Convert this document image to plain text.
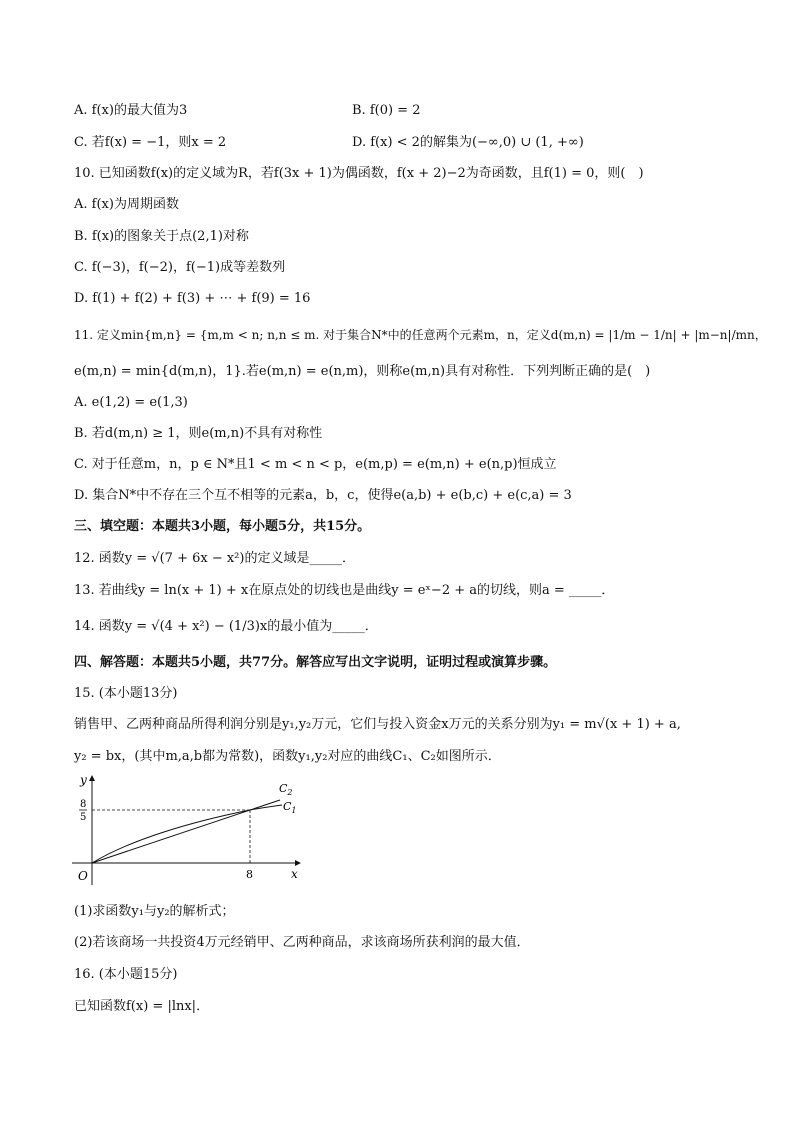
A. f(x)的最大值为3	B. f(0) = 2
C. 若f(x) = −1，则x = 2	D. f(x) < 2的解集为(−∞,0) ∪ (1, +∞)
10. 已知函数f(x)的定义域为R，若f(3x + 1)为偶函数，f(x + 2)−2为奇函数，且f(1) = 0，则(　)
A. f(x)为周期函数
B. f(x)的图象关于点(2,1)对称
C. f(−3)，f(−2)，f(−1)成等差数列
D. f(1) + f(2) + f(3) + ⋯ + f(9) = 16
11. 定义min{m,n} = {m,m < n; n,n ≤ m. 对于集合N*中的任意两个元素m，n，定义d(m,n) = |1/m − 1/n| + |m−n|/mn，
e(m,n) = min{d(m,n)，1}.若e(m,n) = e(n,m)，则称e(m,n)具有对称性．下列判断正确的是(　)
A. e(1,2) = e(1,3)
B. 若d(m,n) ≥ 1，则e(m,n)不具有对称性
C. 对于任意m，n，p ∈ N*且1 < m < n < p，e(m,p) = e(m,n) + e(n,p)恒成立
D. 集合N*中不存在三个互不相等的元素a，b，c，使得e(a,b) + e(b,c) + e(c,a) = 3
三、填空题：本题共3小题，每小题5分，共15分。
12. 函数y = √(7 + 6x − x²)的定义域是_____．
13. 若曲线y = ln(x + 1) + x在原点处的切线也是曲线y = eˣ−2 + a的切线，则a = _____．
14. 函数y = √(4 + x²) − (1/3)x的最小值为_____．
四、解答题：本题共5小题，共77分。解答应写出文字说明，证明过程或演算步骤。
15. (本小题13分)
销售甲、乙两种商品所得利润分别是y₁,y₂万元，它们与投入资金x万元的关系分别为y₁ = m√(x + 1) + a,
y₂ = bx，(其中m,a,b都为常数)，函数y₁,y₂对应的曲线C₁、C₂如图所示．
y
x
O
8
5
8
$C_2$
$C_1$
(1)求函数y₁与y₂的解析式；
(2)若该商场一共投资4万元经销甲、乙两种商品，求该商场所获利润的最大值．
16. (本小题15分)
已知函数f(x) = |lnx|．
